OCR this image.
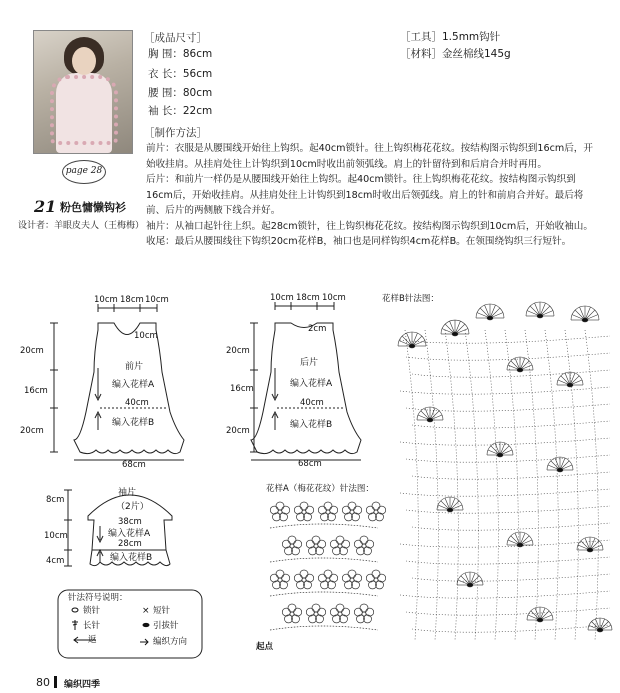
page 28
21 粉色慵懒钩衫
设计者：羊眼皮夫人（王梅梅）
［成品尺寸］
胸 围：86cm
衣 长：56cm
腰 围：80cm
袖 长：22cm
［工具］1.5mm钩针
［材料］金丝棉线145g
［制作方法］
前片：衣服是从腰围线开始往上钩织。起40cm锁针。往上钩织梅花花纹。按结构图示钩织到16cm后，开
始收挂肩。从挂肩处往上计钩织到10cm时收出前领弧线。肩上的针留待到和后肩合并时再用。
后片：和前片一样仍是从腰围线开始往上钩织。起40cm锁针。往上钩织梅花花纹。按结构图示钩织到
16cm后，开始收挂肩。从挂肩处往上计钩织到18cm时收出后领弧线。肩上的针和前肩合并好。最后将
前、后片的两侧腋下线合并好。
袖片：从袖口起针往上织。起28cm锁针，往上钩织梅花花纹。按结构图示钩织到10cm后，开始收袖山。
收尾：最后从腰围线往下钩织20cm花样B，袖口也是同样钩织4cm花样B。在领围绕钩织三行短针。
10cm 18cm 10cm
10cm
20cm
16cm
20cm
前片
编入花样A
40cm
编入花样B
68cm
10cm 18cm 10cm
2cm
20cm
16cm
20cm
后片
编入花样A
40cm
编入花样B
68cm
袖片
（2片）
8cm
10cm
4cm
38cm
编入花样A
28cm
编入花样B
针法符号说明：
锁针	短针
长针	引拔针
返	编织方向
花样A（梅花花纹）针法图：
起点
花样B针法图：
×
80 编织四季
